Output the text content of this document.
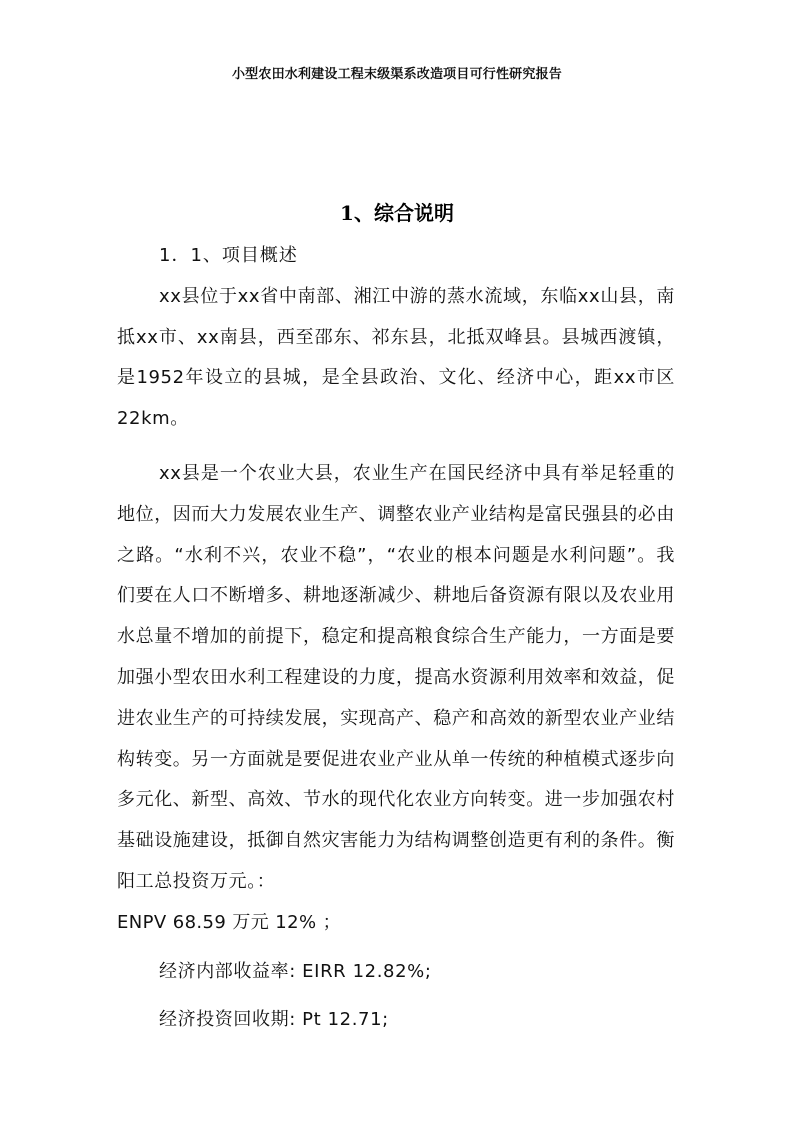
小型农田水利建设工程末级渠系改造项目可行性研究报告
1、综合说明

1．1、项目概述

xx县位于xx省中南部、湘江中游的蒸水流域，东临xx山县，南抵xx市、xx南县，西至邵东、祁东县，北抵双峰县。县城西渡镇，是1952年设立的县城，是全县政治、文化、经济中心，距xx市区22km。

xx县是一个农业大县，农业生产在国民经济中具有举足轻重的地位，因而大力发展农业生产、调整农业产业结构是富民强县的必由之路。“水利不兴，农业不稳”，“农业的根本问题是水利问题”。我们要在人口不断增多、耕地逐渐减少、耕地后备资源有限以及农业用水总量不增加的前提下，稳定和提高粮食综合生产能力，一方面是要加强小型农田水利工程建设的力度，提高水资源利用效率和效益，促进农业生产的可持续发展，实现高产、稳产和高效的新型农业产业结构转变。另一方面就是要促进农业产业从单一传统的种植模式逐步向多元化、新型、高效、节水的现代化农业方向转变。进一步加强农村基础设施建设，抵御自然灾害能力为结构调整创造更有利的条件。衡阳工总投资万元。：

ENPV 68.59 万元 12% ；

经济内部收益率: EIRR 12.82%;

经济投资回收期: Pt 12.71;
